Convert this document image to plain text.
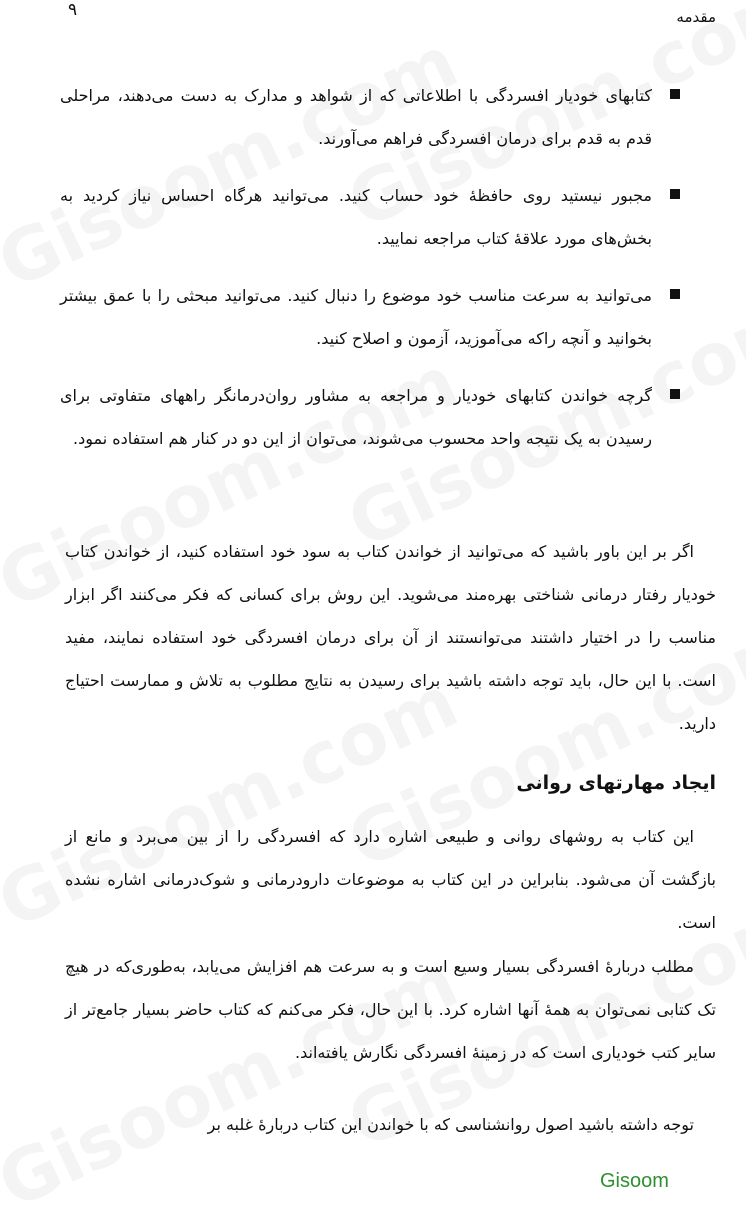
۹	مقدمه
کتابهای خودیار افسردگی با اطلاعاتی که از شواهد و مدارک به دست می‌دهند، مراحلی قدم به قدم برای درمان افسردگی فراهم می‌آورند.
مجبور نیستید روی حافظهٔ خود حساب کنید. می‌توانید هرگاه احساس نیاز کردید به بخش‌های مورد علاقهٔ کتاب مراجعه نمایید.
می‌توانید به سرعت مناسب خود موضوع را دنبال کنید. می‌توانید مبحثی را با عمق بیشتر بخوانید و آنچه راکه می‌آموزید، آزمون و اصلاح کنید.
گرچه خواندن کتابهای خودیار و مراجعه به مشاور روان‌درمانگر راههای متفاوتی برای رسیدن به یک نتیجه واحد محسوب می‌شوند، می‌توان از این دو در کنار هم استفاده نمود.

اگر بر این باور باشید که می‌توانید از خواندن کتاب به سود خود استفاده کنید، از خواندن کتاب خودیار رفتار درمانی شناختی بهره‌مند می‌شوید. این روش برای کسانی که فکر می‌کنند اگر ابزار مناسب را در اختیار داشتند می‌توانستند از آن برای درمان افسردگی خود استفاده نمایند، مفید است. با این حال، باید توجه داشته باشید برای رسیدن به نتایج مطلوب به تلاش و ممارست احتیاج دارید.

ایجاد مهارتهای روانی

این کتاب به روشهای روانی و طبیعی اشاره دارد که افسردگی را از بین می‌برد و مانع از بازگشت آن می‌شود. بنابراین در این کتاب به موضوعات دارودرمانی و شوک‌درمانی اشاره نشده است.

مطلب دربارهٔ افسردگی بسیار وسیع است و به سرعت هم افزایش می‌یابد، به‌طوری‌که در هیچ تک کتابی نمی‌توان به همهٔ آنها اشاره کرد. با این حال، فکر می‌کنم که کتاب حاضر بسیار جامع‌تر از سایر کتب خودیاری است که در زمینهٔ افسردگی نگارش یافته‌اند.

توجه داشته باشید اصول روانشناسی که با خواندن این کتاب دربارهٔ غلبه بر

Gisoom
